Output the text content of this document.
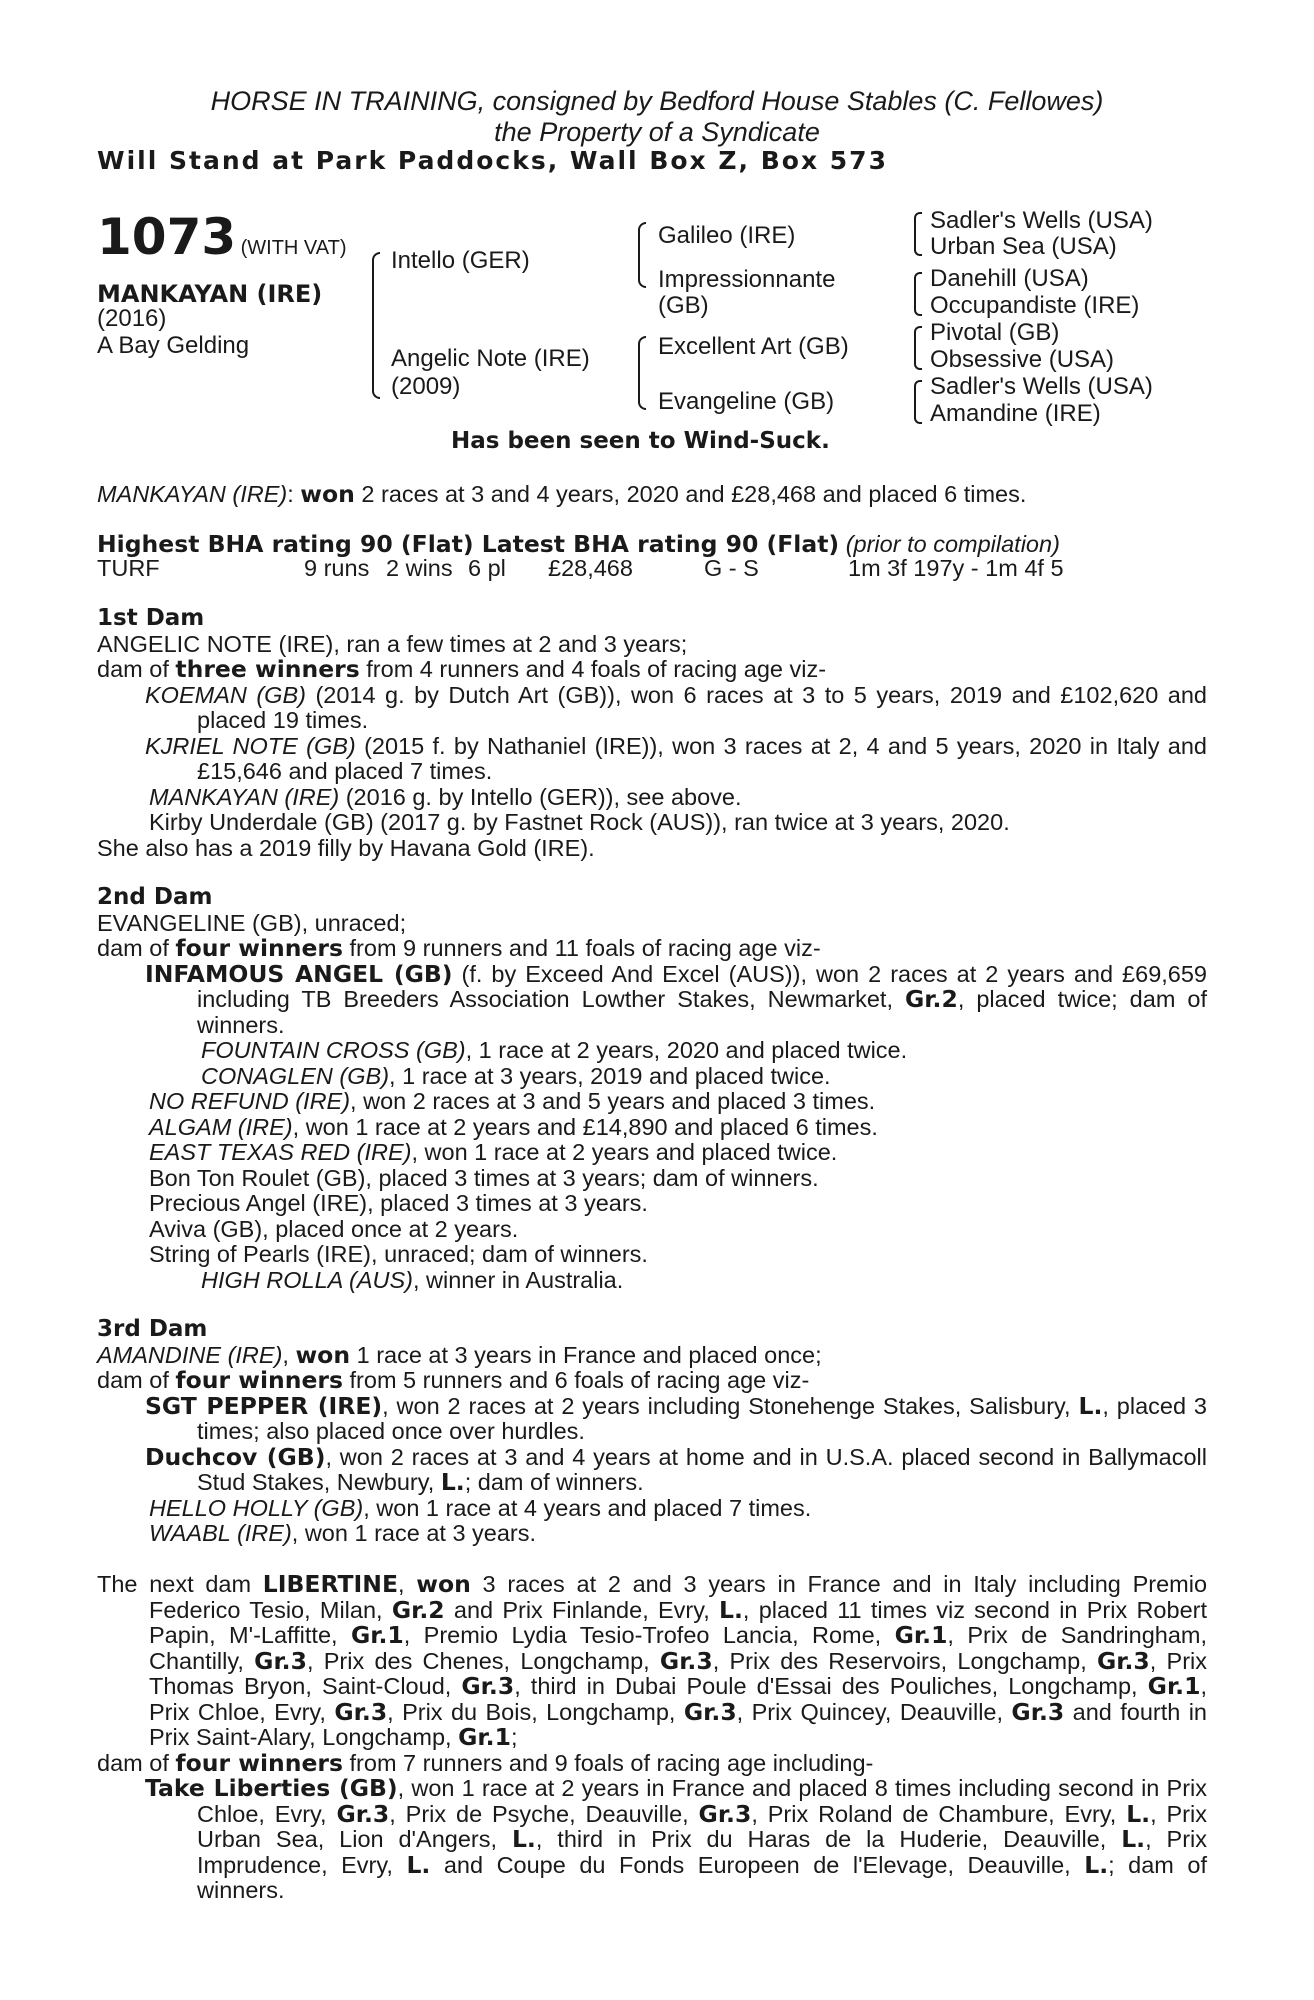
HORSE IN TRAINING, consigned by Bedford House Stables (C. Fellowes)
the Property of a Syndicate
Will Stand at Park Paddocks, Wall Box Z, Box 573
1073 (WITH VAT)
MANKAYAN (IRE)
(2016)
A Bay Gelding
Intello (GER)
Angelic Note (IRE)
(2009)
Galileo (IRE)
Impressionnante
(GB)
Excellent Art (GB)
Evangeline (GB)
Sadler's Wells (USA)
Urban Sea (USA)
Danehill (USA)
Occupandiste (IRE)
Pivotal (GB)
Obsessive (USA)
Sadler's Wells (USA)
Amandine (IRE)
Has been seen to Wind-Suck.
MANKAYAN (IRE): won 2 races at 3 and 4 years, 2020 and £28,468 and placed 6 times.
Highest BHA rating 90 (Flat) Latest BHA rating 90 (Flat) (prior to compilation)
TURF	9 runs 2 wins 6 pl £28,468	G - S	1m 3f 197y - 1m 4f 5
1st Dam
ANGELIC NOTE (IRE), ran a few times at 2 and 3 years;
dam of three winners from 4 runners and 4 foals of racing age viz-
KOEMAN (GB) (2014 g. by Dutch Art (GB)), won 6 races at 3 to 5 years, 2019 and £102,620 and placed 19 times.
KJRIEL NOTE (GB) (2015 f. by Nathaniel (IRE)), won 3 races at 2, 4 and 5 years, 2020 in Italy and £15,646 and placed 7 times.
MANKAYAN (IRE) (2016 g. by Intello (GER)), see above.
Kirby Underdale (GB) (2017 g. by Fastnet Rock (AUS)), ran twice at 3 years, 2020.
She also has a 2019 filly by Havana Gold (IRE).
2nd Dam
EVANGELINE (GB), unraced;
dam of four winners from 9 runners and 11 foals of racing age viz-
INFAMOUS ANGEL (GB) (f. by Exceed And Excel (AUS)), won 2 races at 2 years and £69,659 including TB Breeders Association Lowther Stakes, Newmarket, Gr.2, placed twice; dam of winners.
FOUNTAIN CROSS (GB), 1 race at 2 years, 2020 and placed twice.
CONAGLEN (GB), 1 race at 3 years, 2019 and placed twice.
NO REFUND (IRE), won 2 races at 3 and 5 years and placed 3 times.
ALGAM (IRE), won 1 race at 2 years and £14,890 and placed 6 times.
EAST TEXAS RED (IRE), won 1 race at 2 years and placed twice.
Bon Ton Roulet (GB), placed 3 times at 3 years; dam of winners.
Precious Angel (IRE), placed 3 times at 3 years.
Aviva (GB), placed once at 2 years.
String of Pearls (IRE), unraced; dam of winners.
HIGH ROLLA (AUS), winner in Australia.
3rd Dam
AMANDINE (IRE), won 1 race at 3 years in France and placed once;
dam of four winners from 5 runners and 6 foals of racing age viz-
SGT PEPPER (IRE), won 2 races at 2 years including Stonehenge Stakes, Salisbury, L., placed 3 times; also placed once over hurdles.
Duchcov (GB), won 2 races at 3 and 4 years at home and in U.S.A. placed second in Ballymacoll Stud Stakes, Newbury, L.; dam of winners.
HELLO HOLLY (GB), won 1 race at 4 years and placed 7 times.
WAABL (IRE), won 1 race at 3 years.
The next dam LIBERTINE, won 3 races at 2 and 3 years in France and in Italy including Premio Federico Tesio, Milan, Gr.2 and Prix Finlande, Evry, L., placed 11 times viz second in Prix Robert Papin, M'-Laffitte, Gr.1, Premio Lydia Tesio-Trofeo Lancia, Rome, Gr.1, Prix de Sandringham, Chantilly, Gr.3, Prix des Chenes, Longchamp, Gr.3, Prix des Reservoirs, Longchamp, Gr.3, Prix Thomas Bryon, Saint-Cloud, Gr.3, third in Dubai Poule d'Essai des Pouliches, Longchamp, Gr.1, Prix Chloe, Evry, Gr.3, Prix du Bois, Longchamp, Gr.3, Prix Quincey, Deauville, Gr.3 and fourth in Prix Saint-Alary, Longchamp, Gr.1;
dam of four winners from 7 runners and 9 foals of racing age including-
Take Liberties (GB), won 1 race at 2 years in France and placed 8 times including second in Prix Chloe, Evry, Gr.3, Prix de Psyche, Deauville, Gr.3, Prix Roland de Chambure, Evry, L., Prix Urban Sea, Lion d'Angers, L., third in Prix du Haras de la Huderie, Deauville, L., Prix Imprudence, Evry, L. and Coupe du Fonds Europeen de l'Elevage, Deauville, L.; dam of winners.
